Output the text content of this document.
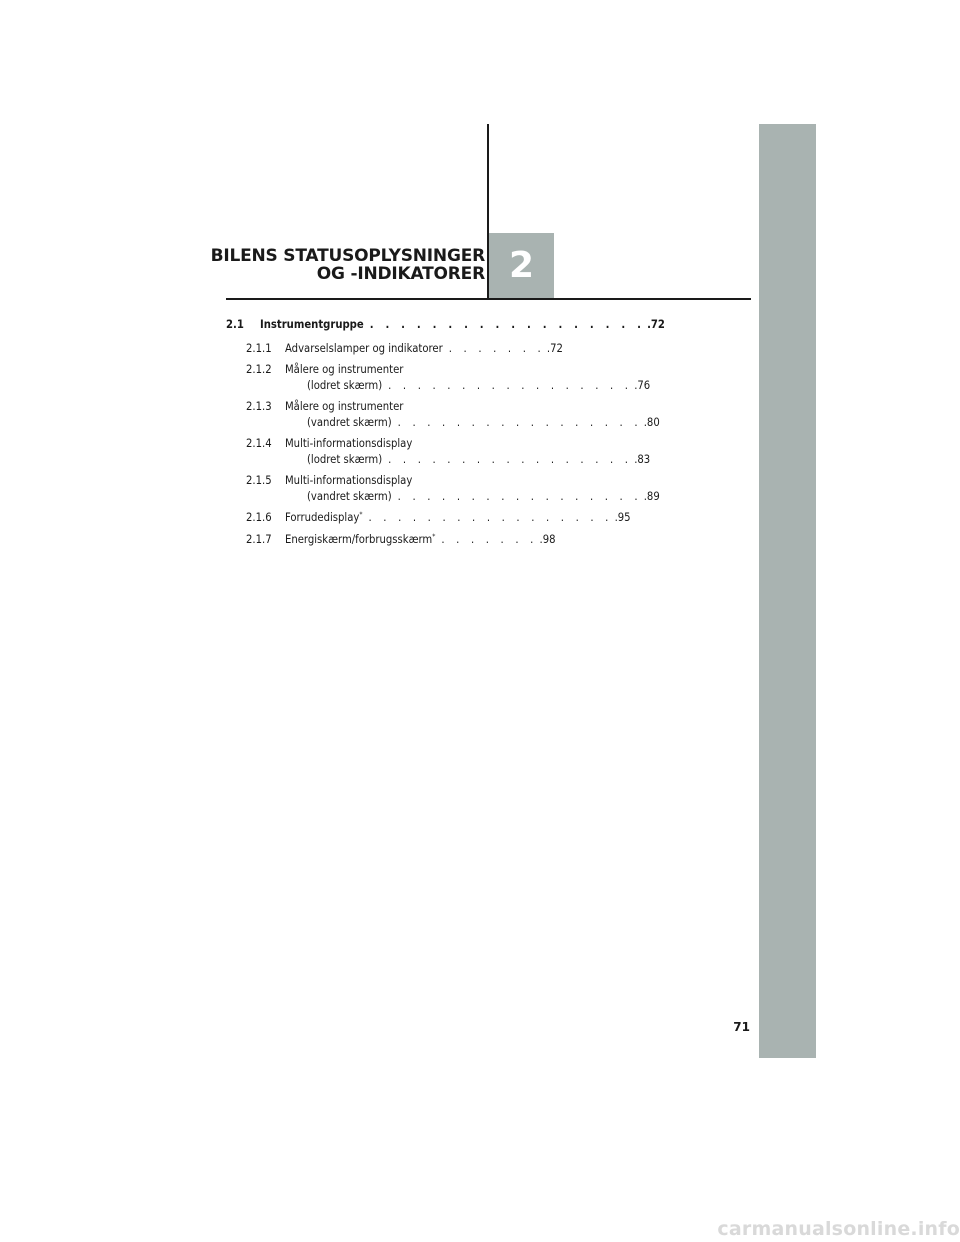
BILENS STATUSOPLYSNINGER
OG -INDIKATORER 2
2.1	Instrumentgruppe . . . . . . . . . . . . . . . . . . .72
2.1.1	Advarselslamper og indikatorer . . . . . . . .72
2.1.2	Målere og instrumenter
(lodret skærm) . . . . . . . . . . . . . . . . . .76
2.1.3	Målere og instrumenter
(vandret skærm) . . . . . . . . . . . . . . . . . .80
2.1.4	Multi-informationsdisplay
(lodret skærm) . . . . . . . . . . . . . . . . . .83
2.1.5	Multi-informationsdisplay
(vandret skærm) . . . . . . . . . . . . . . . . . .89
2.1.6	Forrudedisplay* . . . . . . . . . . . . . . . . . .95
2.1.7	Energiskærm/forbrugsskærm* . . . . . . . .98
71
carmanualsonline.info
